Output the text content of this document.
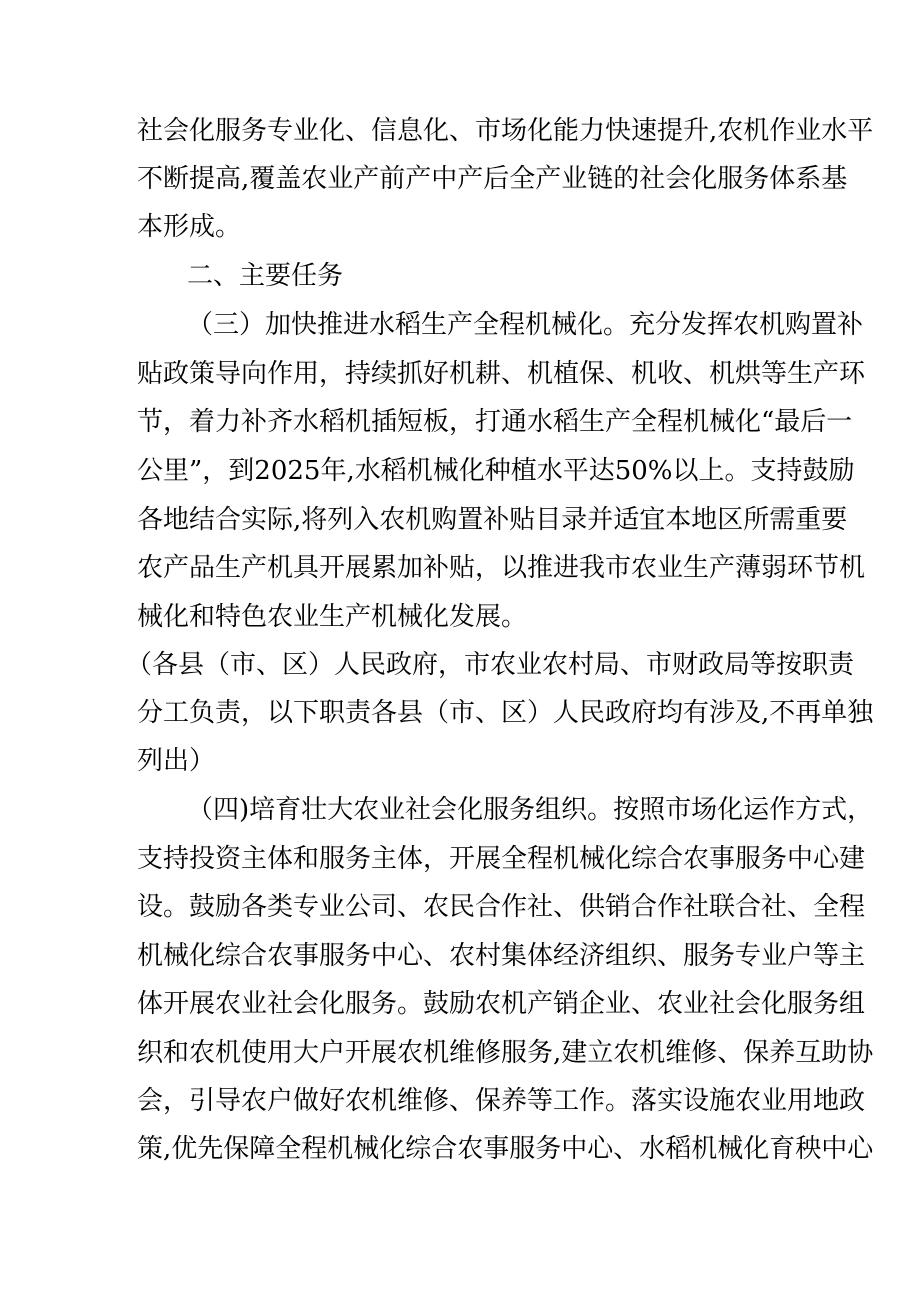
社会化服务专业化、信息化、市场化能力快速提升,农机作业水平
不断提高,覆盖农业产前产中产后全产业链的社会化服务体系基
本形成。
二、主要任务
（三）加快推进水稻生产全程机械化。充分发挥农机购置补
贴政策导向作用，持续抓好机耕、机植保、机收、机烘等生产环
节，着力补齐水稻机插短板，打通水稻生产全程机械化“最后一
公里”，到2025年,水稻机械化种植水平达50%以上。支持鼓励
各地结合实际,将列入农机购置补贴目录并适宜本地区所需重要
农产品生产机具开展累加补贴，以推进我市农业生产薄弱环节机
械化和特色农业生产机械化发展。
（各县（市、区）人民政府，市农业农村局、市财政局等按职责
分工负责，以下职责各县（市、区）人民政府均有涉及,不再单独
列出）
（四)培育壮大农业社会化服务组织。按照市场化运作方式，
支持投资主体和服务主体，开展全程机械化综合农事服务中心建
设。鼓励各类专业公司、农民合作社、供销合作社联合社、全程
机械化综合农事服务中心、农村集体经济组织、服务专业户等主
体开展农业社会化服务。鼓励农机产销企业、农业社会化服务组
织和农机使用大户开展农机维修服务,建立农机维修、保养互助协
会，引导农户做好农机维修、保养等工作。落实设施农业用地政
策,优先保障全程机械化综合农事服务中心、水稻机械化育秧中心
